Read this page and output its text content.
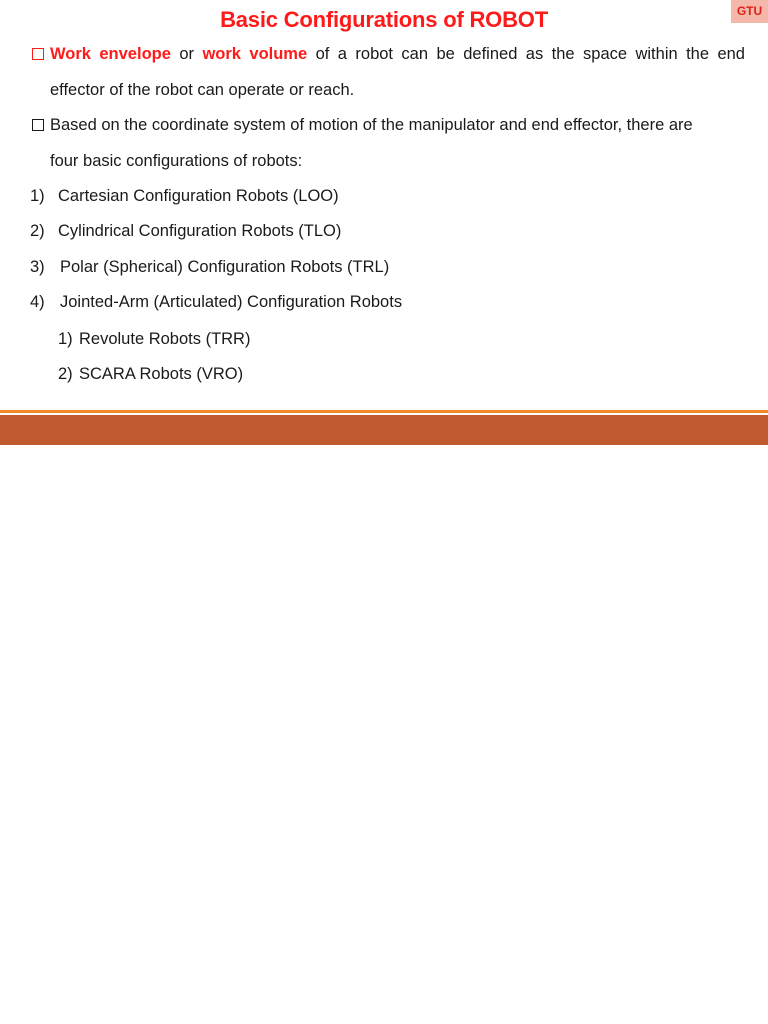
Basic Configurations of ROBOT	GTU
Work envelope or work volume of a robot can be defined as the space within the end
effector of the robot can operate or reach.
Based on the coordinate system of motion of the manipulator and end effector, there are
four basic configurations of robots:
1) Cartesian Configuration Robots (LOO)
2) Cylindrical Configuration Robots (TLO)
3) Polar (Spherical) Configuration Robots (TRL)
4) Jointed-Arm (Articulated) Configuration Robots
1) Revolute Robots (TRR)
2) SCARA Robots (VRO)
